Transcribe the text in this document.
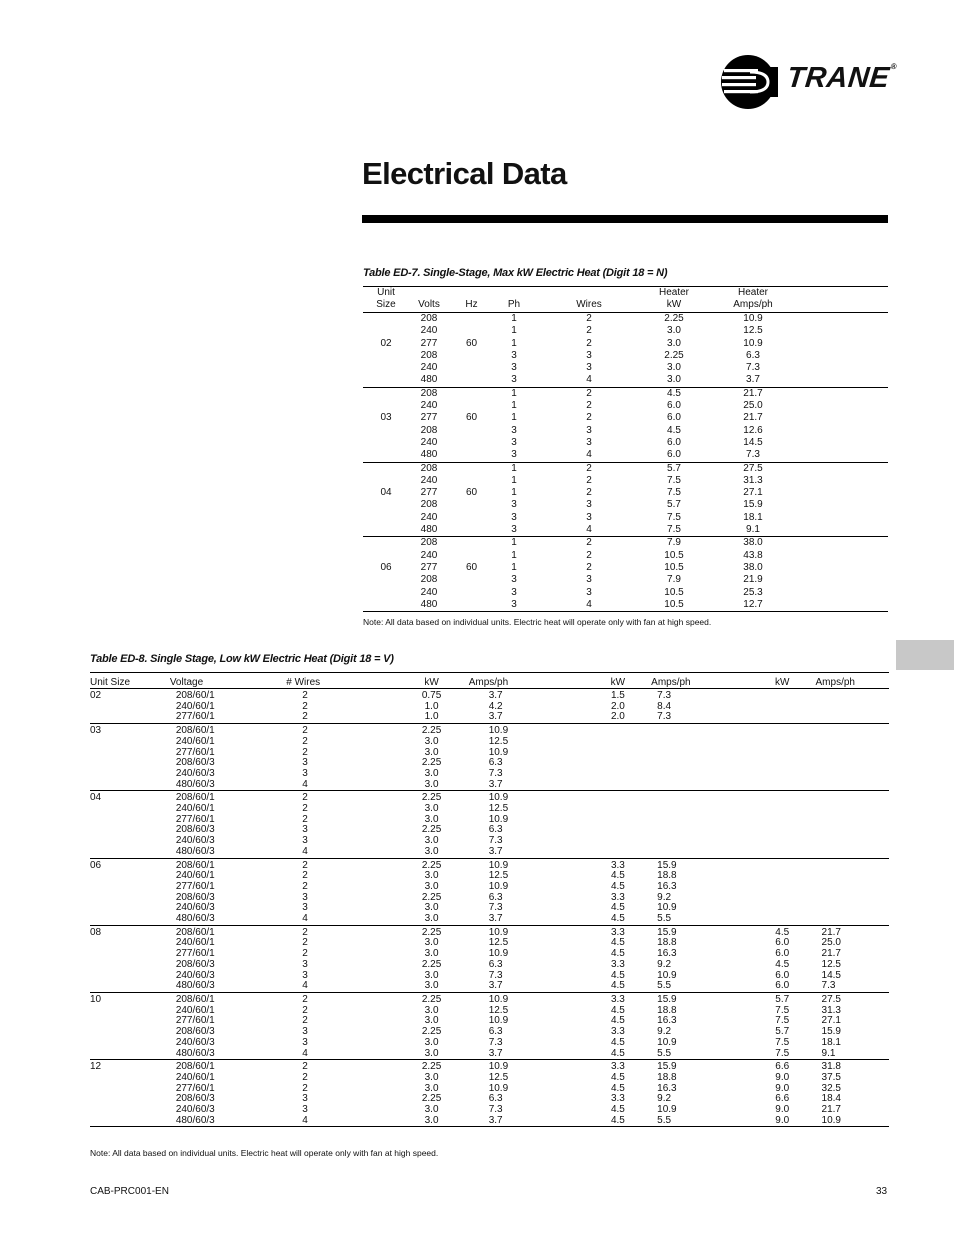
TRANE®
Electrical Data
Table ED-7. Single-Stage, Max kW Electric Heat (Digit 18 = N)
Unit					Heater	Heater	
Size	Volts	Hz	Ph	Wires	kW	Amps/ph	
	208		1	2	2.25	10.9	
	240		1	2	3.0	12.5	
02	277	60	1	2	3.0	10.9	
	208		3	3	2.25	6.3	
	240		3	3	3.0	7.3	
	480		3	4	3.0	3.7	
	208		1	2	4.5	21.7	
	240		1	2	6.0	25.0	
03	277	60	1	2	6.0	21.7	
	208		3	3	4.5	12.6	
	240		3	3	6.0	14.5	
	480		3	4	6.0	7.3	
	208		1	2	5.7	27.5	
	240		1	2	7.5	31.3	
04	277	60	1	2	7.5	27.1	
	208		3	3	5.7	15.9	
	240		3	3	7.5	18.1	
	480		3	4	7.5	9.1	
	208		1	2	7.9	38.0	
	240		1	2	10.5	43.8	
06	277	60	1	2	10.5	38.0	
	208		3	3	7.9	21.9	
	240		3	3	10.5	25.3	
	480		3	4	10.5	12.7	
Note: All data based on individual units. Electric heat will operate only with fan at high speed.
Table ED-8. Single Stage, Low kW Electric Heat (Digit 18 = V)
Unit Size	Voltage	# Wires	kW	Amps/ph	kW	Amps/ph	kW	Amps/ph
02	208/60/1	2	0.75	3.7	1.5	7.3		
	240/60/1	2	1.0	4.2	2.0	8.4		
	277/60/1	2	1.0	3.7	2.0	7.3		
03	208/60/1	2	2.25	10.9				
	240/60/1	2	3.0	12.5				
	277/60/1	2	3.0	10.9				
	208/60/3	3	2.25	6.3				
	240/60/3	3	3.0	7.3				
	480/60/3	4	3.0	3.7				
04	208/60/1	2	2.25	10.9				
	240/60/1	2	3.0	12.5				
	277/60/1	2	3.0	10.9				
	208/60/3	3	2.25	6.3				
	240/60/3	3	3.0	7.3				
	480/60/3	4	3.0	3.7				
06	208/60/1	2	2.25	10.9	3.3	15.9		
	240/60/1	2	3.0	12.5	4.5	18.8		
	277/60/1	2	3.0	10.9	4.5	16.3		
	208/60/3	3	2.25	6.3	3.3	9.2		
	240/60/3	3	3.0	7.3	4.5	10.9		
	480/60/3	4	3.0	3.7	4.5	5.5		
08	208/60/1	2	2.25	10.9	3.3	15.9	4.5	21.7
	240/60/1	2	3.0	12.5	4.5	18.8	6.0	25.0
	277/60/1	2	3.0	10.9	4.5	16.3	6.0	21.7
	208/60/3	3	2.25	6.3	3.3	9.2	4.5	12.5
	240/60/3	3	3.0	7.3	4.5	10.9	6.0	14.5
	480/60/3	4	3.0	3.7	4.5	5.5	6.0	7.3
10	208/60/1	2	2.25	10.9	3.3	15.9	5.7	27.5
	240/60/1	2	3.0	12.5	4.5	18.8	7.5	31.3
	277/60/1	2	3.0	10.9	4.5	16.3	7.5	27.1
	208/60/3	3	2.25	6.3	3.3	9.2	5.7	15.9
	240/60/3	3	3.0	7.3	4.5	10.9	7.5	18.1
	480/60/3	4	3.0	3.7	4.5	5.5	7.5	9.1
12	208/60/1	2	2.25	10.9	3.3	15.9	6.6	31.8
	240/60/1	2	3.0	12.5	4.5	18.8	9.0	37.5
	277/60/1	2	3.0	10.9	4.5	16.3	9.0	32.5
	208/60/3	3	2.25	6.3	3.3	9.2	6.6	18.4
	240/60/3	3	3.0	7.3	4.5	10.9	9.0	21.7
	480/60/3	4	3.0	3.7	4.5	5.5	9.0	10.9
Note: All data based on individual units. Electric heat will operate only with fan at high speed.
CAB-PRC001-EN	33
